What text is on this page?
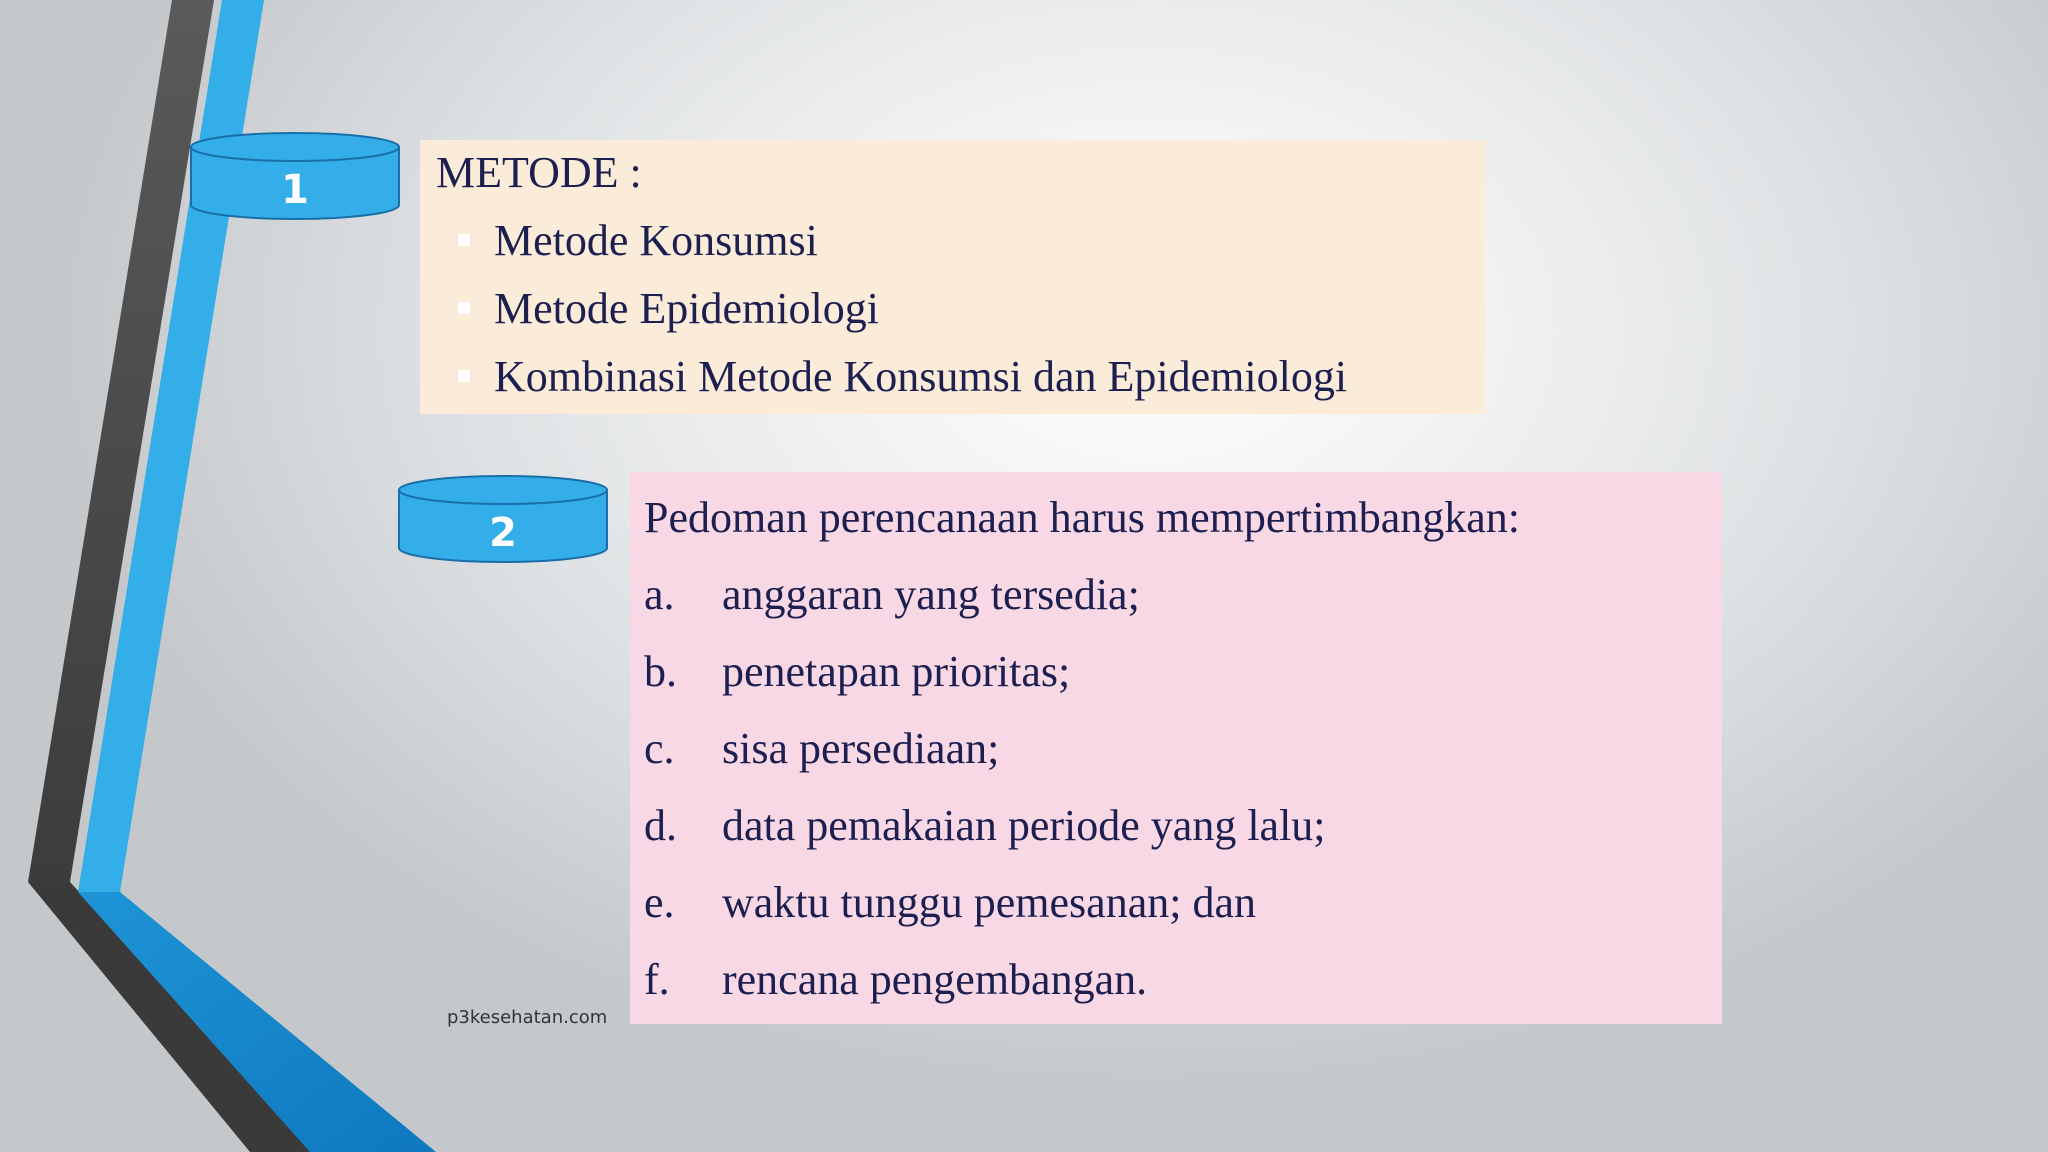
1	METODE :
Metode Konsumsi
Metode Epidemiologi
Kombinasi Metode Konsumsi dan Epidemiologi
2	Pedoman perencanaan harus mempertimbangkan:
a. anggaran yang tersedia;
b. penetapan prioritas;
c. sisa persediaan;
d. data pemakaian periode yang lalu;
e. waktu tunggu pemesanan; dan
f. rencana pengembangan.
p3kesehatan.com
